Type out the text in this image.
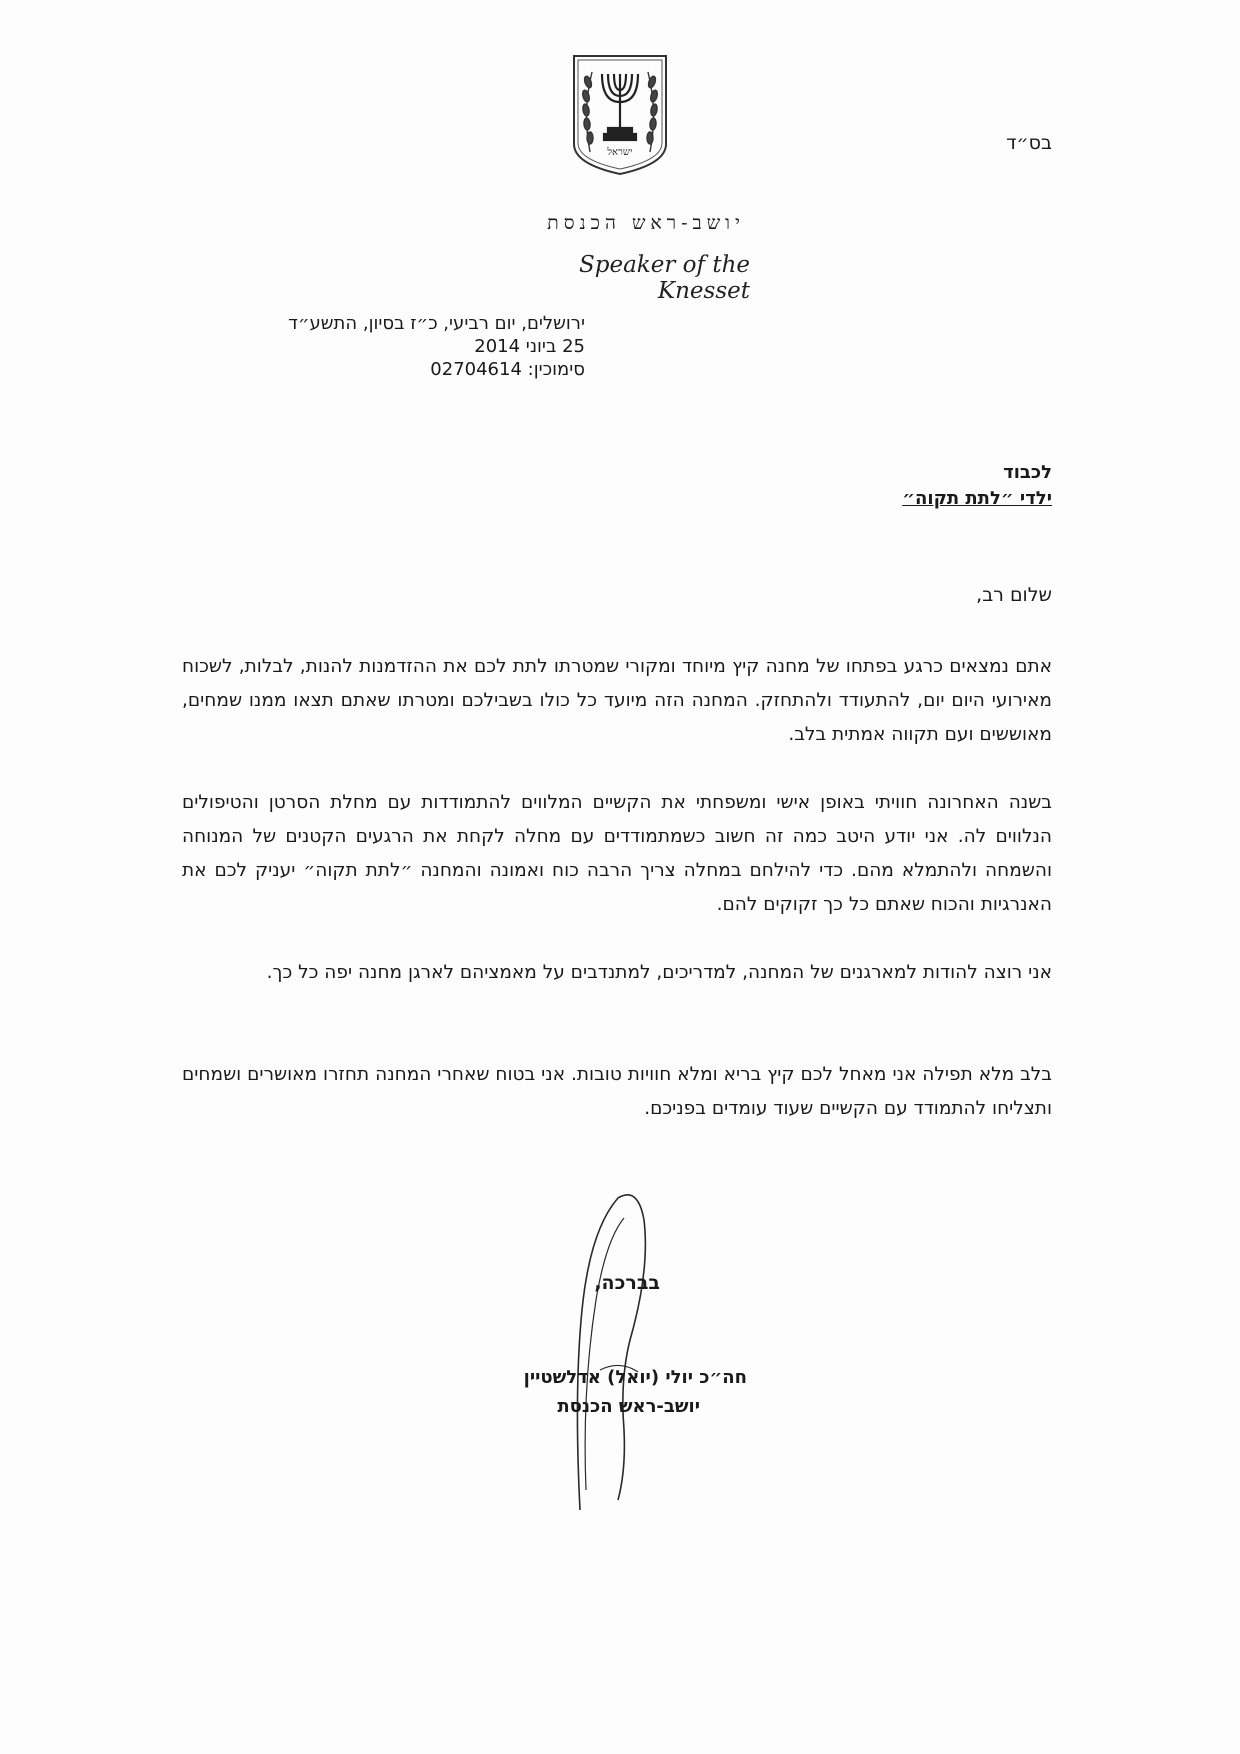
בס״ד
ישראל
יושב-ראש הכנסת
Speaker of the Knesset
ירושלים, יום רביעי, כ״ז בסיון, התשע״ד
25 ביוני 2014
סימוכין: 02704614
לכבוד
ילדי ״לתת תקוה״
שלום רב,
אתם נמצאים כרגע בפתחו של מחנה קיץ מיוחד ומקורי שמטרתו לתת לכם את ההזדמנות להנות, לבלות, לשכוח מאירועי היום יום, להתעודד ולהתחזק. המחנה הזה מיועד כל כולו בשבילכם ומטרתו שאתם תצאו ממנו שמחים, מאוששים ועם תקווה אמתית בלב.
בשנה האחרונה חוויתי באופן אישי ומשפחתי את הקשיים המלווים להתמודדות עם מחלת הסרטן והטיפולים הנלווים לה. אני יודע היטב כמה זה חשוב כשמתמודדים עם מחלה לקחת את הרגעים הקטנים של המנוחה והשמחה ולהתמלא מהם. כדי להילחם במחלה צריך הרבה כוח ואמונה והמחנה ״לתת תקוה״ יעניק לכם את האנרגיות והכוח שאתם כל כך זקוקים להם.
אני רוצה להודות למארגנים של המחנה, למדריכים, למתנדבים על מאמציהם לארגן מחנה יפה כל כך.
בלב מלא תפילה אני מאחל לכם קיץ בריא ומלא חוויות טובות. אני בטוח שאחרי המחנה תחזרו מאושרים ושמחים ותצליחו להתמודד עם הקשיים שעוד עומדים בפניכם.
בברכה,
חה״כ יולי (יואל) אדלשטיין
יושב-ראש הכנסת
